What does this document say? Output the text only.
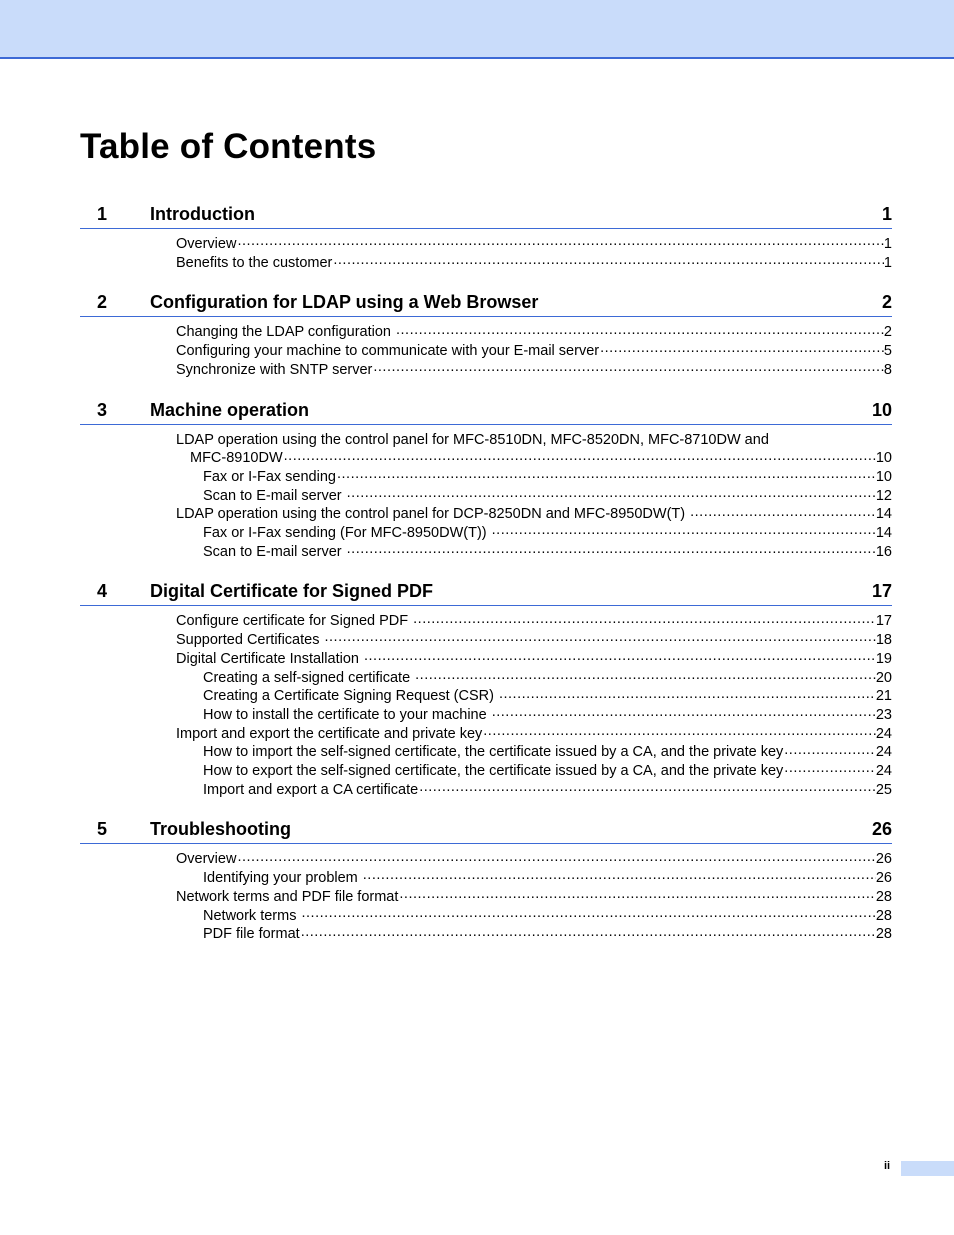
Table of Contents
1 Introduction	1
Overview .....	1
Benefits to the customer .....	1
2 Configuration for LDAP using a Web Browser	2
Changing the LDAP configuration .....	2
Configuring your machine to communicate with your E-mail server .....	5
Synchronize with SNTP server .....	8
3 Machine operation	10
LDAP operation using the control panel for MFC-8510DN, MFC-8520DN, MFC-8710DW and
MFC-8910DW .....	10
Fax or I-Fax sending .....	10
Scan to E-mail server .....	12
LDAP operation using the control panel for DCP-8250DN and MFC-8950DW(T) .....	14
Fax or I-Fax sending (For MFC-8950DW(T)) .....	14
Scan to E-mail server .....	16
4 Digital Certificate for Signed PDF	17
Configure certificate for Signed PDF .....	17
Supported Certificates .....	18
Digital Certificate Installation .....	19
Creating a self-signed certificate .....	20
Creating a Certificate Signing Request (CSR) .....	21
How to install the certificate to your machine .....	23
Import and export the certificate and private key .....	24
How to import the self-signed certificate, the certificate issued by a CA, and the private key .....	24
How to export the self-signed certificate, the certificate issued by a CA, and the private key .....	24
Import and export a CA certificate .....	25
5 Troubleshooting	26
Overview .....	26
Identifying your problem .....	26
Network terms and PDF file format .....	28
Network terms .....	28
PDF file format .....	28
ii
